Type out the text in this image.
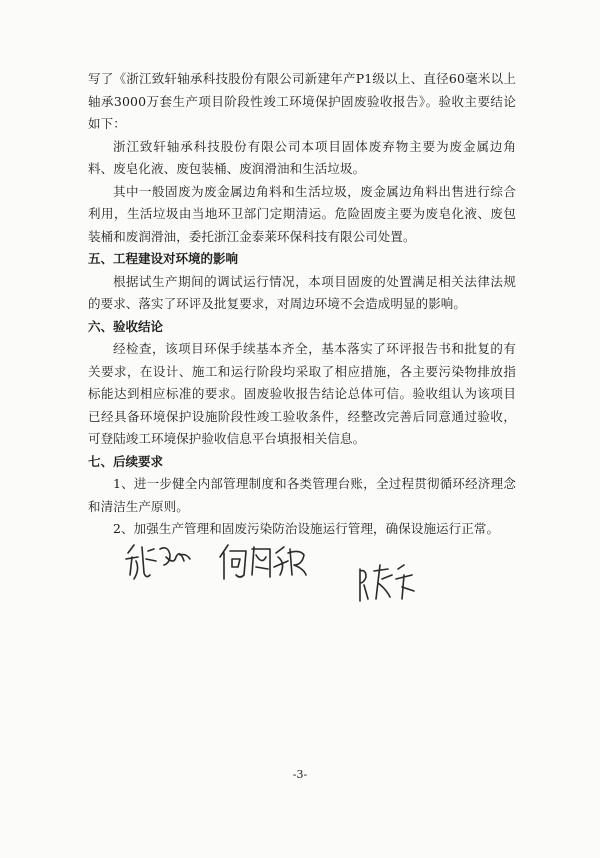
写了《浙江致轩轴承科技股份有限公司新建年产P1级以上、直径60毫米以上轴承3000万套生产项目阶段性竣工环境保护固废验收报告》。验收主要结论如下：

浙江致轩轴承科技股份有限公司本项目固体废弃物主要为废金属边角料、废皂化液、废包装桶、废润滑油和生活垃圾。

其中一般固废为废金属边角料和生活垃圾，废金属边角料出售进行综合利用，生活垃圾由当地环卫部门定期清运。危险固废主要为废皂化液、废包装桶和废润滑油，委托浙江金泰莱环保科技有限公司处置。

五、工程建设对环境的影响

根据试生产期间的调试运行情况，本项目固废的处置满足相关法律法规的要求、落实了环评及批复要求，对周边环境不会造成明显的影响。

六、验收结论

经检查，该项目环保手续基本齐全，基本落实了环评报告书和批复的有关要求，在设计、施工和运行阶段均采取了相应措施，各主要污染物排放指标能达到相应标准的要求。固废验收报告结论总体可信。验收组认为该项目已经具备环境保护设施阶段性竣工验收条件，经整改完善后同意通过验收，可登陆竣工环境保护验收信息平台填报相关信息。

七、后续要求

1、进一步健全内部管理制度和各类管理台账，全过程贯彻循环经济理念和清洁生产原则。

2、加强生产管理和固废污染防治设施运行管理，确保设施运行正常。

-3-
